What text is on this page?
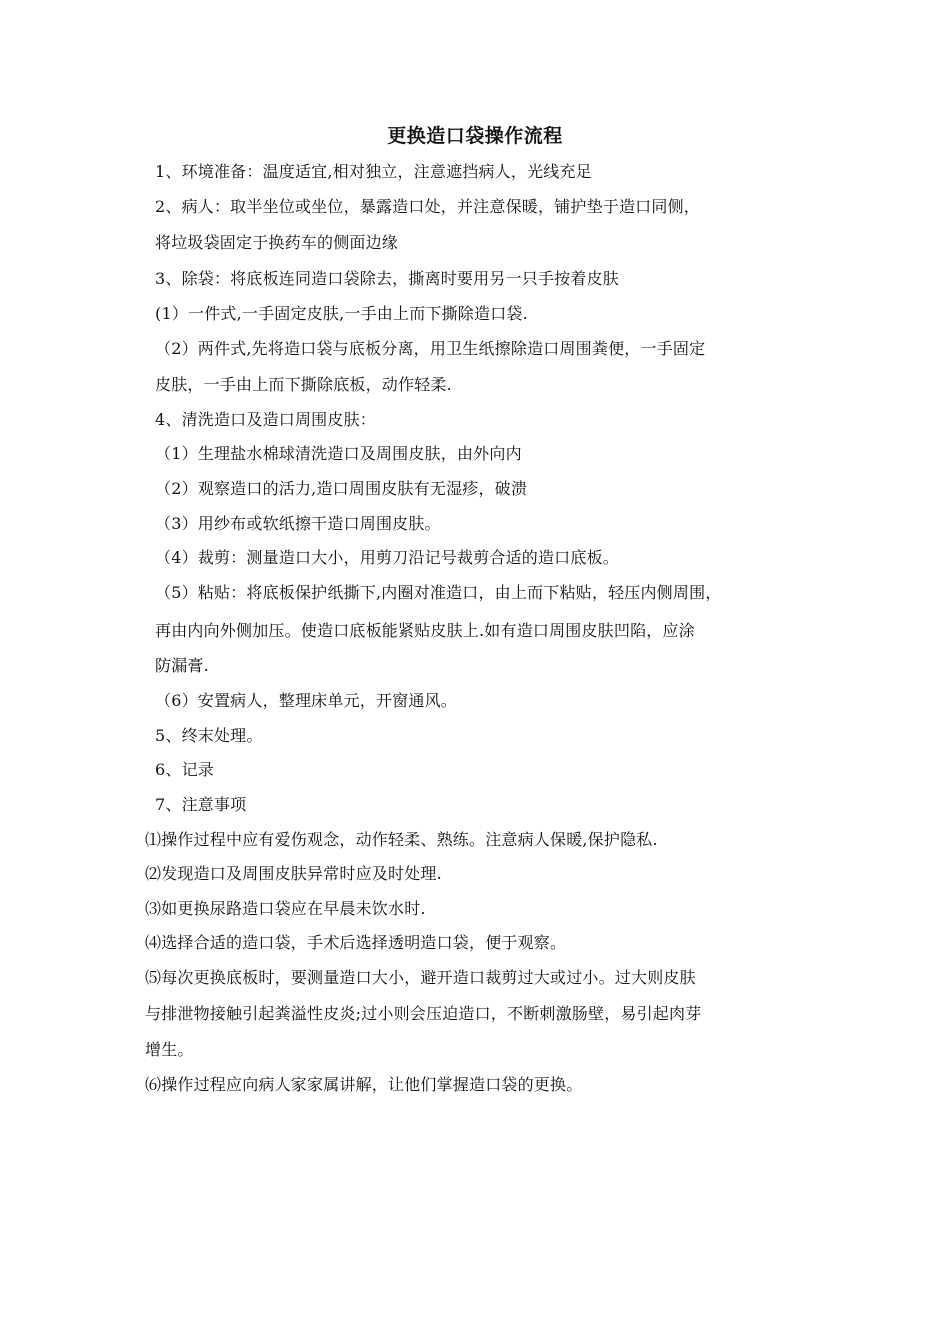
更换造口袋操作流程
1、环境准备：温度适宜,相对独立，注意遮挡病人，光线充足
2、病人：取半坐位或坐位，暴露造口处，并注意保暖，铺护垫于造口同侧，
将垃圾袋固定于换药车的侧面边缘
3、除袋：将底板连同造口袋除去，撕离时要用另一只手按着皮肤
(1）一件式,一手固定皮肤,一手由上而下撕除造口袋.
（2）两件式,先将造口袋与底板分离，用卫生纸擦除造口周围粪便，一手固定
皮肤，一手由上而下撕除底板，动作轻柔.
4、清洗造口及造口周围皮肤：
（1）生理盐水棉球清洗造口及周围皮肤，由外向内
（2）观察造口的活力,造口周围皮肤有无湿疹，破溃
（3）用纱布或软纸擦干造口周围皮肤。
（4）裁剪：测量造口大小，用剪刀沿记号裁剪合适的造口底板。
（5）粘贴：将底板保护纸撕下,内圈对准造口，由上而下粘贴，轻压内侧周围，
再由内向外侧加压。使造口底板能紧贴皮肤上.如有造口周围皮肤凹陷，应涂
防漏膏.
（6）安置病人，整理床单元，开窗通风。
5、终末处理。
6、记录
7、注意事项
⑴操作过程中应有爱伤观念，动作轻柔、熟练。注意病人保暖,保护隐私.
⑵发现造口及周围皮肤异常时应及时处理.
⑶如更换尿路造口袋应在早晨未饮水时.
⑷选择合适的造口袋，手术后选择透明造口袋，便于观察。
⑸每次更换底板时，要测量造口大小，避开造口裁剪过大或过小。过大则皮肤
与排泄物接触引起粪溢性皮炎;过小则会压迫造口，不断刺激肠壁，易引起肉芽
增生。
⑹操作过程应向病人家家属讲解，让他们掌握造口袋的更换。
